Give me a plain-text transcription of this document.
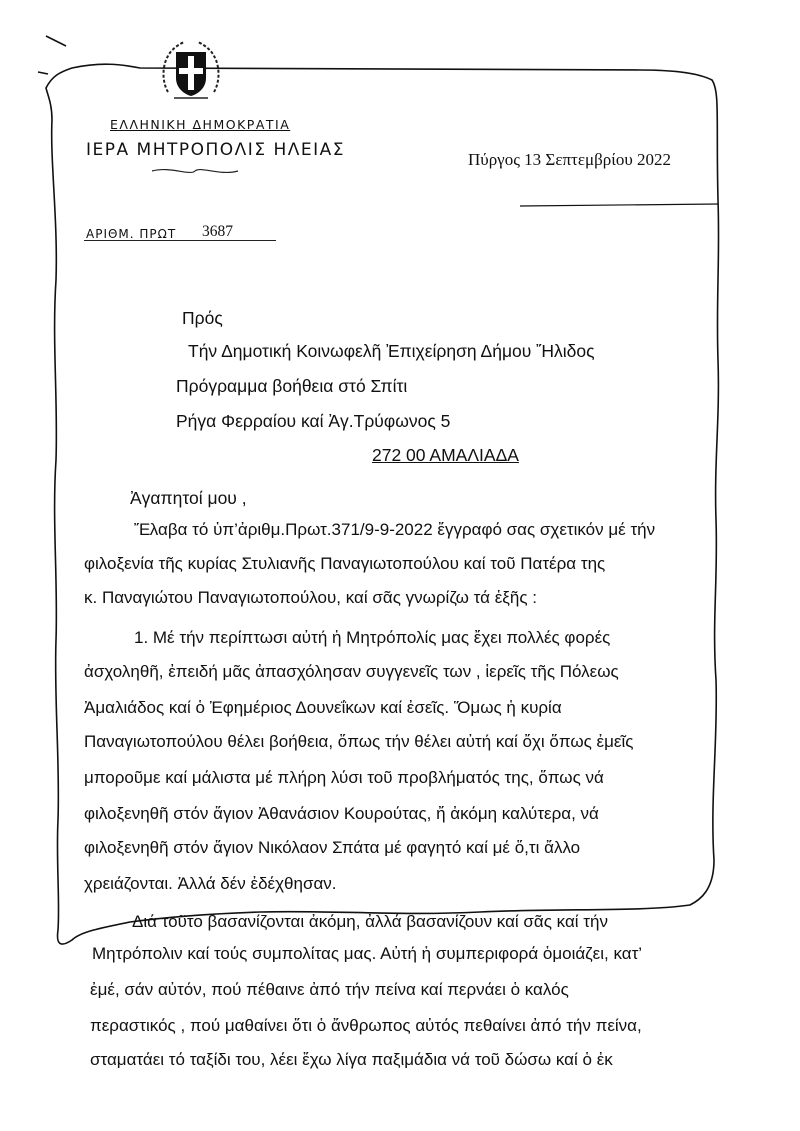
ΕΛΛΗΝΙΚΗ ΔΗΜΟΚΡΑΤΙΑ
ΙΕΡΑ ΜΗΤΡΟΠΟΛΙΣ ΗΛΕΙΑΣ	Πύργος 13 Σεπτεμβρίου 2022
ΑΡΙΘΜ. ΠΡΩΤ 3687
Πρός
Τήν Δημοτική Κοινωφελῆ Ἐπιχείρηση Δήμου Ἤλιδος
Πρόγραμμα βοήθεια στό Σπίτι
Ρήγα Φερραίου καί Ἀγ.Τρύφωνος 5
272 00 ΑΜΑΛΙΑΔΑ
Ἀγαπητοί μου ,
Ἔλαβα τό ὑπ’ἀριθμ.Πρωτ.371/9-9-2022 ἔγγραφό σας σχετικόν μέ τήν
φιλοξενία τῆς κυρίας Στυλιανῆς Παναγιωτοπούλου καί τοῦ Πατέρα της
κ. Παναγιώτου Παναγιωτοπούλου, καί σᾶς γνωρίζω τά ἑξῆς :
1. Μέ τήν περίπτωσι αὐτή ἡ Μητρόπολίς μας ἔχει πολλές φορές
ἀσχοληθῆ, ἐπειδή μᾶς ἀπασχόλησαν συγγενεῖς των , ἱερεῖς τῆς Πόλεως
Ἀμαλιάδος καί ὁ Ἐφημέριος Δουνεΐκων καί ἐσεῖς. Ὅμως ἡ κυρία
Παναγιωτοπούλου θέλει βοήθεια, ὅπως τήν θέλει αὐτή καί ὄχι ὅπως ἐμεῖς
μποροῦμε καί μάλιστα μέ πλήρη λύσι τοῦ προβλήματός της, ὅπως νά
φιλοξενηθῆ στόν ἅγιον Ἀθανάσιον Κουρούτας, ἤ ἀκόμη καλύτερα, νά
φιλοξενηθῆ στόν ἅγιον Νικόλαον Σπάτα μέ φαγητό καί μέ ὅ,τι ἄλλο
χρειάζονται. Ἀλλά δέν ἐδέχθησαν.
Διά τοῦτο βασανίζονται ἀκόμη, ἀλλά βασανίζουν καί σᾶς καί τήν
Μητρόπολιν καί τούς συμπολίτας μας. Αὐτή ἡ συμπεριφορά ὁμοιάζει, κατ’
ἐμέ, σάν αὐτόν, πού πέθαινε ἀπό τήν πείνα καί περνάει ὁ καλός
περαστικός , πού μαθαίνει ὅτι ὁ ἄνθρωπος αὐτός πεθαίνει ἀπό τήν πείνα,
σταματάει τό ταξίδι του, λέει ἔχω λίγα παξιμάδια νά τοῦ δώσω καί ὁ ἐκ
